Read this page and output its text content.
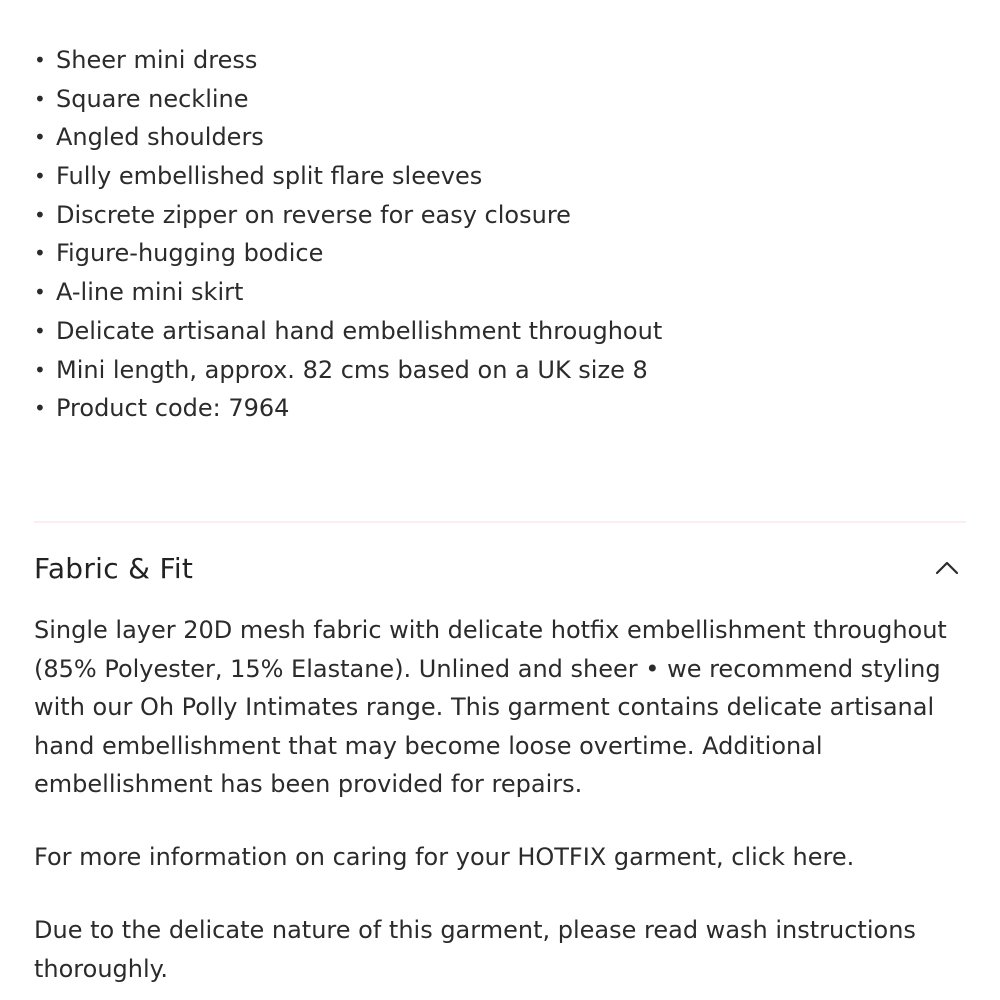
• Sheer mini dress
• Square neckline
• Angled shoulders
• Fully embellished split flare sleeves
• Discrete zipper on reverse for easy closure
• Figure-hugging bodice
• A-line mini skirt
• Delicate artisanal hand embellishment throughout
• Mini length, approx. 82 cms based on a UK size 8
• Product code: 7964
Fabric & Fit

Single layer 20D mesh fabric with delicate hotfix embellishment throughout (85% Polyester, 15% Elastane). Unlined and sheer • we recommend styling with our Oh Polly Intimates range. This garment contains delicate artisanal hand embellishment that may become loose overtime. Additional embellishment has been provided for repairs.

For more information on caring for your HOTFIX garment, click here.

Due to the delicate nature of this garment, please read wash instructions thoroughly.
